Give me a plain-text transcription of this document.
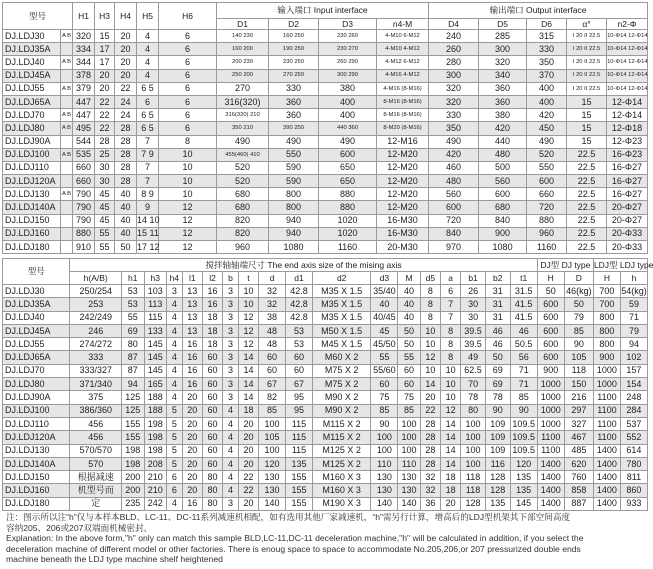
型号		H1	H3	H4	H5	H6	输入端口 Input interface				输出端口 Output interface				
							D1	D2	D3	n4-M	D4	D5	D6	α°	n2-Φ
DJ.LDJ30	A B	320	15	20	4	6	140 230	160 250	230 260	4-M10 6-M12	240	285	315	I 20 II 22.5	10-Φ14 12-Φ14
DJ.LDJ35A		334	17	20	4	6	160 200	190 250	230 270	4-M10 4-M12	260	300	330	I 20 II 22.5	10-Φ14 12-Φ14
DJ.LDJ40	A B	344	17	20	4	6	200 230	230 250	260 290	4-M12 6-M12	280	320	350	I 20 II 22.5	10-Φ14 12-Φ14
DJ.LDJ45A		378	20	20	4	6	250 200	270 250	300 290	4-M16 4-M12	300	340	370	I 20 II 22.5	10-Φ14 12-Φ14
DJ.LDJ55	A B	379	20	22	6 5	6	270	330	380	4-M16 (8-M16)	320	360	400	I 20 II 22.5	10-Φ14 12-Φ14
DJ.LDJ65A		447	22	24	6	6	316(320)	360	400	8-M16 (8-M16)	320	360	400	15	12-Φ14
DJ.LDJ70	A B	447	22	24	6 5	6	316(320) 210	360	400	8-M16 (8-M16)	330	380	420	15	12-Φ14
DJ.LDJ80	A B	495	22	28	6 5	6	350 210	390 250	440 360	8-M20 (8-M16)	350	420	450	15	12-Φ18
DJ.LDJ90A		544	28	28	7	8	490	490	490	12-M16	490	440	490	15	12-Φ23
DJ.LDJ100	A B	535	25	28	7 9	10	455(460) 410	550	600	12-M20	420	480	520	22.5	16-Φ23
DJ.LDJ110		660	30	28	7	10	520	590	650	12-M20	460	500	550	22.5	16-Φ27
DJ.LDJ120A		660	30	28	7	10	520	590	650	12-M20	480	560	600	22.5	16-Φ27
DJ.LDJ130	A B	790	45	40	8 9	10	680	800	880	12-M20	560	600	660	22.5	16-Φ27
DJ.LDJ140A		790	45	40	9	12	680	800	880	12-M20	600	680	720	22.5	20-Φ27
DJ.LDJ150		790	45	40	14 10	12	820	940	1020	16-M30	720	840	880	22.5	20-Φ27
DJ.LDJ160		880	55	40	15 11	12	820	940	1020	16-M30	840	900	960	22.5	20-Φ33
DJ.LDJ180		910	55	50	17 12	12	960	1080	1160	20-M30	970	1080	1160	22.5	20-Φ33
型号	搅拌轴轴端尺寸 The end axis size of the mising axis																		DJ型 DJ type		LDJ型 LDJ type	
	h(A/B)	h1	h3	h4	l1	l2	b	t	d	d1	d2	d3	M	d5	a	b1	b2	t1	H	D	H	h
DJ.LDJ30	250/254	53	103	3	13	16	3	10	32	42.8	M35 X 1.5	35/40	40	8	6	26	31	31.5	50	46(kg)	700	54(kg)
DJ.LDJ35A	253	53	113	4	13	16	3	10	32	42.8	M35 X 1.5	40	40	8	7	30	31	41.5	600	50	700	59
DJ.LDJ40	242/249	55	115	4	13	18	3	12	38	42.8	M35 X 1.5	40/45	40	8	7	30	31	41.5	600	79	800	71
DJ.LDJ45A	246	69	133	4	13	18	3	12	48	53	M50 X 1.5	45	50	10	8	39.5	46	46	600	85	800	79
DJ.LDJ55	274/272	80	145	4	16	18	3	12	48	53	M45 X 1.5	45/50	50	10	8	39.5	46	50.5	600	90	800	94
DJ.LDJ65A	333	87	145	4	16	60	3	14	60	60	M60 X 2	55	55	12	8	49	50	56	600	105	900	102
DJ.LDJ70	333/327	87	145	4	16	60	3	14	60	60	M75 X 2	55/60	60	10	10	62.5	69	71	900	118	1000	157
DJ.LDJ80	371/340	94	165	4	16	60	3	14	67	67	M75 X 2	60	60	14	10	70	69	71	1000	150	1000	154
DJ.LDJ90A	375	125	188	4	20	60	3	14	82	95	M90 X 2	75	75	20	10	78	78	85	1000	216	1100	248
DJ.LDJ100	386/360	125	188	5	20	60	4	18	85	95	M90 X 2	85	85	22	12	80	90	90	1000	297	1100	284
DJ.LDJ110	456	155	198	5	20	60	4	20	100	115	M115 X 2	90	100	28	14	100	109	109.5	1000	327	1100	537
DJ.LDJ120A	456	155	198	5	20	60	4	20	105	115	M115 X 2	100	100	28	14	100	109	109.5	1100	467	1100	552
DJ.LDJ130	570/570	198	198	5	20	60	4	20	100	115	M125 X 2	100	100	28	14	100	109	109.5	1100	485	1400	614
DJ.LDJ140A	570	198	208	5	20	60	4	20	120	135	M125 X 2	110	110	28	14	100	116	120	1400	620	1400	780
DJ.LDJ150	根据减速	200	210	6	20	80	4	22	130	155	M160 X 3	130	130	32	18	118	128	135	1400	760	1400	811
DJ.LDJ160	机型号而	200	210	6	20	80	4	22	130	155	M160 X 3	130	130	32	18	118	128	135	1400	858	1400	860
DJ.LDJ180	定	235	242	4	16	80	3	20	140	155	M190 X 3	140	140	36	20	128	135	145	1400	887	1400	933
注：图示所以注“h”仅与本样本BLD、LC-11、DC-11系列减速机相配，如有选用其他厂家减速机，“h”需另行计算，增高后的LDJ型机架其下部空间高度
容纳205、206或207双端面机械密封。
Explanation: In the above form,"h" only can match this sample BLD,LC-11,DC-11 deceleration machine,"h" will be calculated in addition, if you select the
deceleration machine of different model or other factories. There is enoug space to space to accommodate No.205,206,or 207 pressurized double ends
machine beneath the LDJ type machine shelf heightened
